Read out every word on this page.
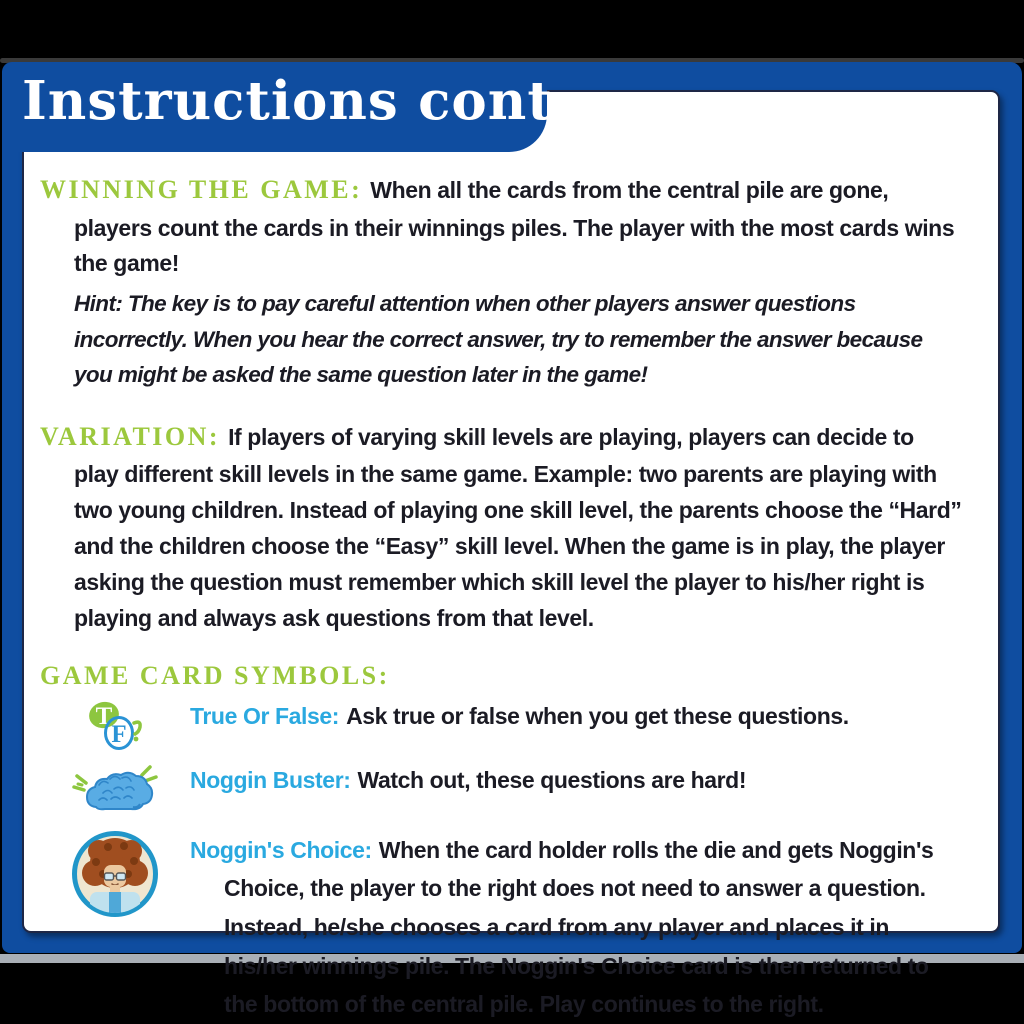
WINNING THE GAME: When all the cards from the central pile are gone, players count the cards in their winnings piles. The player with the most cards wins the game!

Hint: The key is to pay careful attention when other players answer questions incorrectly. When you hear the correct answer, try to remember the answer because you might be asked the same question later in the game!

VARIATION: If players of varying skill levels are playing, players can decide to play different skill levels in the same game. Example: two parents are playing with two young children. Instead of playing one skill level, the parents choose the “Hard” and the children choose the “Easy” skill level. When the game is in play, the player asking the question must remember which skill level the player to his/her right is playing and always ask questions from that level.

GAME CARD SYMBOLS:
T
F
True Or False: Ask true or false when you get these questions.
Noggin Buster: Watch out, these questions are hard!

Noggin's Choice: When the card holder rolls the die and gets Noggin's Choice, the player to the right does not need to answer a question. Instead, he/she chooses a card from any player and places it in his/her winnings pile. The Noggin's Choice card is then returned to the bottom of the central pile. Play continues to the right.

Instructions cont...
